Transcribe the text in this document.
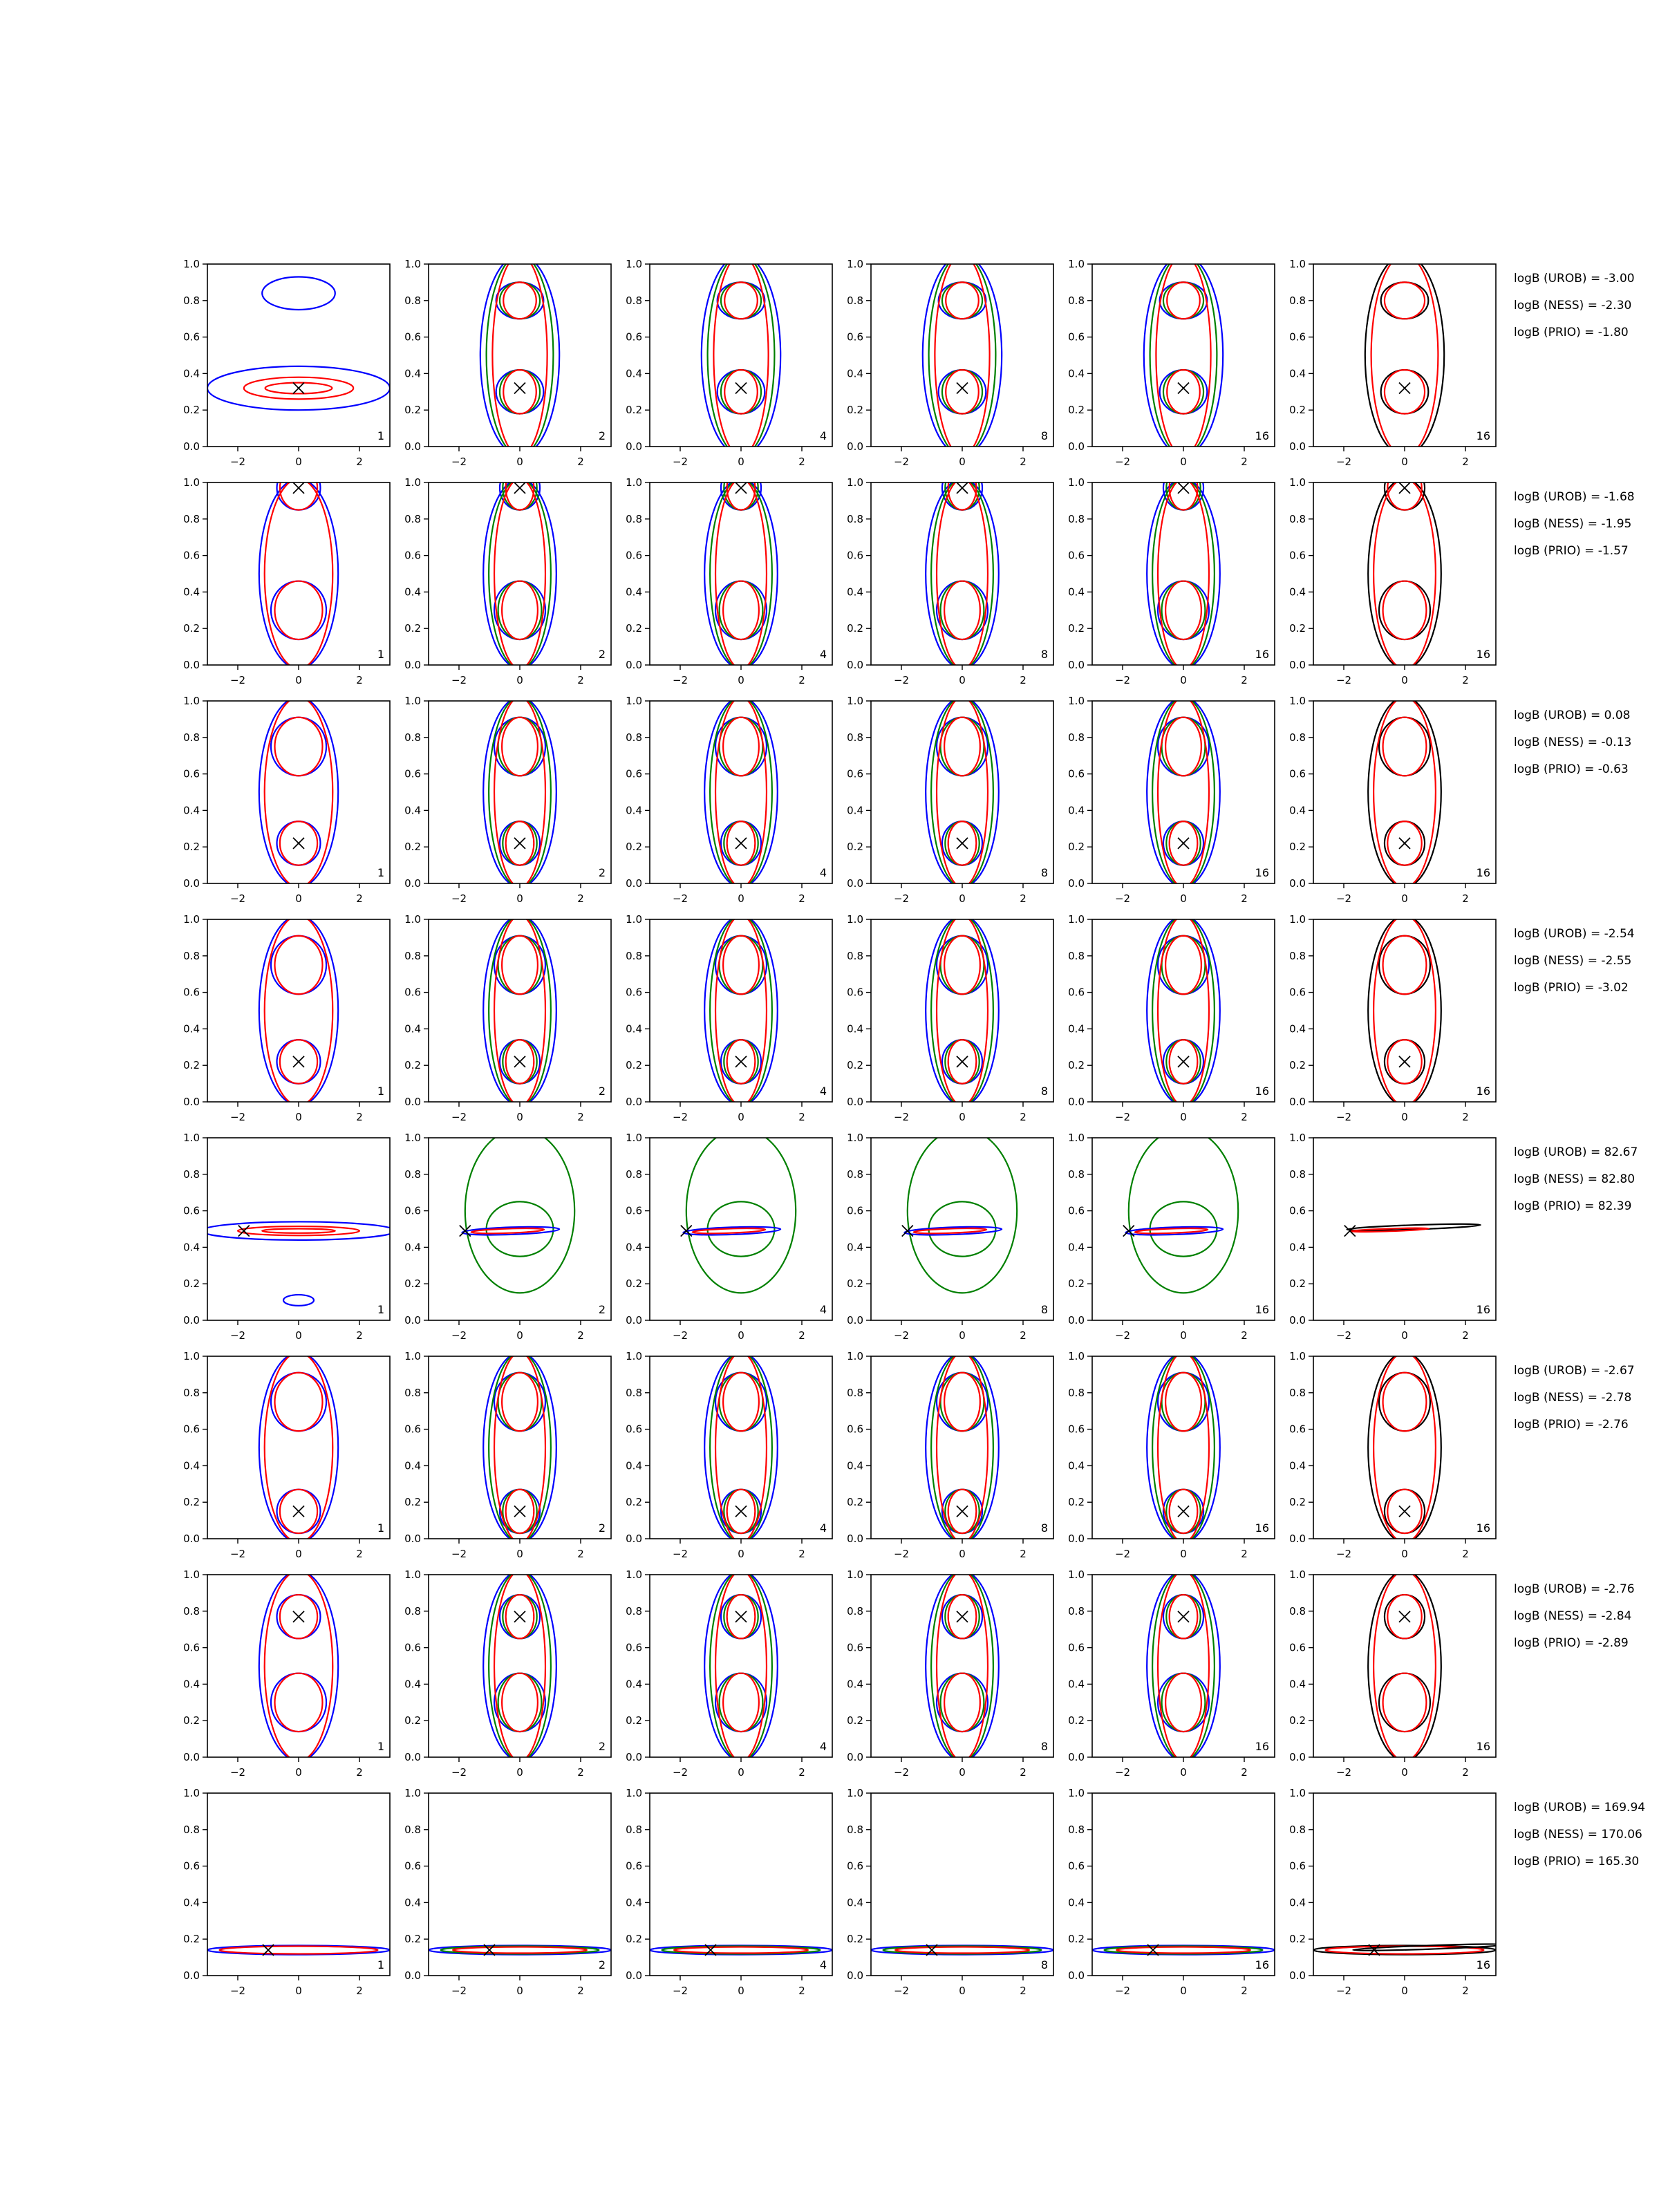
−2	0	2
0.0
0.2
0.4
0.6
0.8
1.0
1
−2	0	2
0.0
0.2
0.4
0.6
0.8
1.0
2
−2	0	2
0.0
0.2
0.4
0.6
0.8
1.0
4
−2	0	2
0.0
0.2
0.4
0.6
0.8
1.0
8
−2	0	2
0.0
0.2
0.4
0.6
0.8
1.0
16
−2	0	2
0.0
0.2
0.4
0.6
0.8
1.0
16
logB (UROB) = -3.00
logB (NESS) = -2.30
logB (PRIO) = -1.80
−2	0	2
0.0
0.2
0.4
0.6
0.8
1.0
1
−2	0	2
0.0
0.2
0.4
0.6
0.8
1.0
2
−2	0	2
0.0
0.2
0.4
0.6
0.8
1.0
4
−2	0	2
0.0
0.2
0.4
0.6
0.8
1.0
8
−2	0	2
0.0
0.2
0.4
0.6
0.8
1.0
16
−2	0	2
0.0
0.2
0.4
0.6
0.8
1.0
16
logB (UROB) = -1.68
logB (NESS) = -1.95
logB (PRIO) = -1.57
−2	0	2
0.0
0.2
0.4
0.6
0.8
1.0
1
−2	0	2
0.0
0.2
0.4
0.6
0.8
1.0
2
−2	0	2
0.0
0.2
0.4
0.6
0.8
1.0
4
−2	0	2
0.0
0.2
0.4
0.6
0.8
1.0
8
−2	0	2
0.0
0.2
0.4
0.6
0.8
1.0
16
−2	0	2
0.0
0.2
0.4
0.6
0.8
1.0
16
logB (UROB) = 0.08
logB (NESS) = -0.13
logB (PRIO) = -0.63
−2	0	2
0.0
0.2
0.4
0.6
0.8
1.0
1
−2	0	2
0.0
0.2
0.4
0.6
0.8
1.0
2
−2	0	2
0.0
0.2
0.4
0.6
0.8
1.0
4
−2	0	2
0.0
0.2
0.4
0.6
0.8
1.0
8
−2	0	2
0.0
0.2
0.4
0.6
0.8
1.0
16
−2	0	2
0.0
0.2
0.4
0.6
0.8
1.0
16
logB (UROB) = -2.54
logB (NESS) = -2.55
logB (PRIO) = -3.02
−2	0	2
0.0
0.2
0.4
0.6
0.8
1.0
1
−2	0	2
0.0
0.2
0.4
0.6
0.8
1.0
2
−2	0	2
0.0
0.2
0.4
0.6
0.8
1.0
4
−2	0	2
0.0
0.2
0.4
0.6
0.8
1.0
8
−2	0	2
0.0
0.2
0.4
0.6
0.8
1.0
16
−2	0	2
0.0
0.2
0.4
0.6
0.8
1.0
16
logB (UROB) = 82.67
logB (NESS) = 82.80
logB (PRIO) = 82.39
−2	0	2
0.0
0.2
0.4
0.6
0.8
1.0
1
−2	0	2
0.0
0.2
0.4
0.6
0.8
1.0
2
−2	0	2
0.0
0.2
0.4
0.6
0.8
1.0
4
−2	0	2
0.0
0.2
0.4
0.6
0.8
1.0
8
−2	0	2
0.0
0.2
0.4
0.6
0.8
1.0
16
−2	0	2
0.0
0.2
0.4
0.6
0.8
1.0
16
logB (UROB) = -2.67
logB (NESS) = -2.78
logB (PRIO) = -2.76
−2	0	2
0.0
0.2
0.4
0.6
0.8
1.0
1
−2	0	2
0.0
0.2
0.4
0.6
0.8
1.0
2
−2	0	2
0.0
0.2
0.4
0.6
0.8
1.0
4
−2	0	2
0.0
0.2
0.4
0.6
0.8
1.0
8
−2	0	2
0.0
0.2
0.4
0.6
0.8
1.0
16
−2	0	2
0.0
0.2
0.4
0.6
0.8
1.0
16
logB (UROB) = -2.76
logB (NESS) = -2.84
logB (PRIO) = -2.89
−2	0	2
0.0
0.2
0.4
0.6
0.8
1.0
1
−2	0	2
0.0
0.2
0.4
0.6
0.8
1.0
2
−2	0	2
0.0
0.2
0.4
0.6
0.8
1.0
4
−2	0	2
0.0
0.2
0.4
0.6
0.8
1.0
8
−2	0	2
0.0
0.2
0.4
0.6
0.8
1.0
16
−2	0	2
0.0
0.2
0.4
0.6
0.8
1.0
16
logB (UROB) = 169.94
logB (NESS) = 170.06
logB (PRIO) = 165.30
